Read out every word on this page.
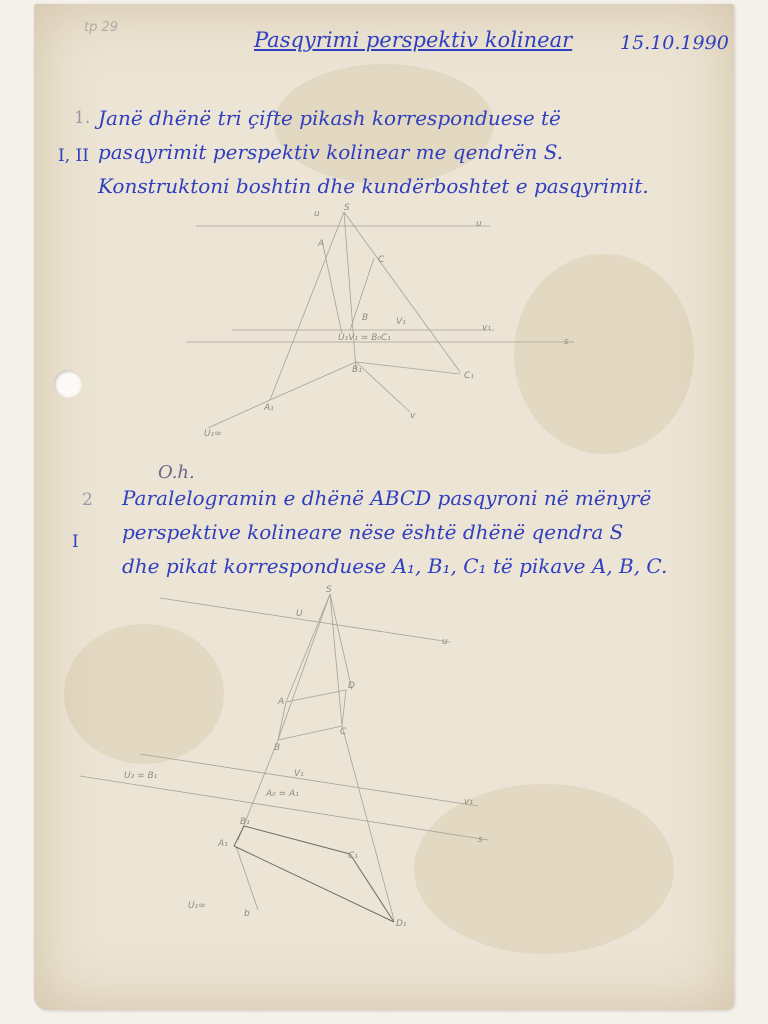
tp 29
Pasqyrimi perspektiv kolinear	15.10.1990
1.
I, II
Janë dhënë tri çifte pikash korresponduese të
pasqyrimit perspektiv kolinear me qendrën S.
Konstruktoni boshtin dhe kundërboshtet e pasqyrimit.
O.h.
2
I
Paralelogramin e dhënë ABCD pasqyroni në mënyrë
perspektive kolineare nëse është dhënë qendra S
dhe pikat korresponduese A₁, B₁, C₁ të pikave A, B, C.
S
u
u
A
C
B	V₁
v₁
U₁V₁ = B₀C₁	s
B₁
C₁
A₁
v
U₁∞
S
U
u
A
D
B
C
V₁
v₁
U₂ = B₁
A₀ = A₁
s
B₁
A₁
C₁
D₁
U₁∞
b
